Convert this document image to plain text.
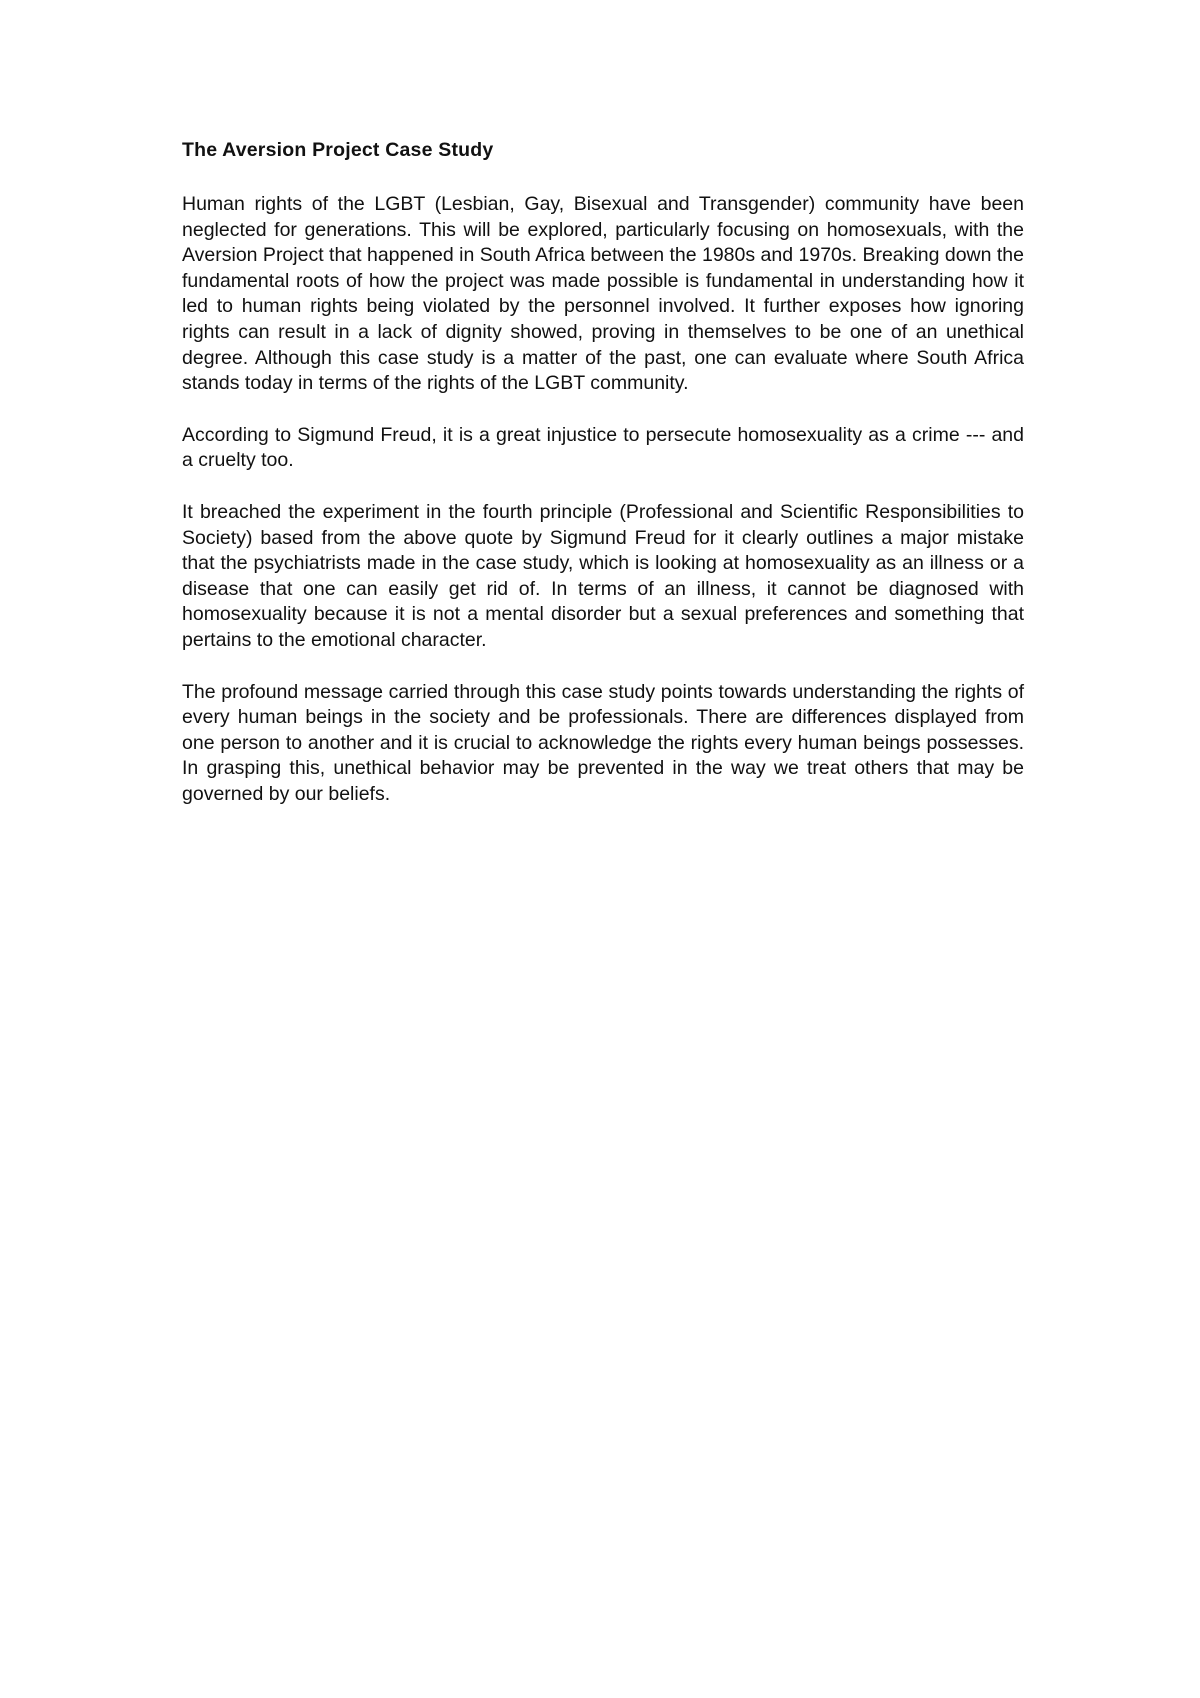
The Aversion Project Case Study

Human rights of the LGBT (Lesbian, Gay, Bisexual and Transgender) community have been neglected for generations. This will be explored, particularly focusing on homosexuals, with the Aversion Project that happened in South Africa between the 1980s and 1970s. Breaking down the fundamental roots of how the project was made possible is fundamental in understanding how it led to human rights being violated by the personnel involved. It further exposes how ignoring rights can result in a lack of dignity showed, proving in themselves to be one of an unethical degree. Although this case study is a matter of the past, one can evaluate where South Africa stands today in terms of the rights of the LGBT community.

According to Sigmund Freud, it is a great injustice to persecute homosexuality as a crime --- and a cruelty too.

It breached the experiment in the fourth principle (Professional and Scientific Responsibilities to Society) based from the above quote by Sigmund Freud for it clearly outlines a major mistake that the psychiatrists made in the case study, which is looking at homosexuality as an illness or a disease that one can easily get rid of. In terms of an illness, it cannot be diagnosed with homosexuality because it is not a mental disorder but a sexual preferences and something that pertains to the emotional character.

The profound message carried through this case study points towards understanding the rights of every human beings in the society and be professionals. There are differences displayed from one person to another and it is crucial to acknowledge the rights every human beings possesses. In grasping this, unethical behavior may be prevented in the way we treat others that may be governed by our beliefs.
